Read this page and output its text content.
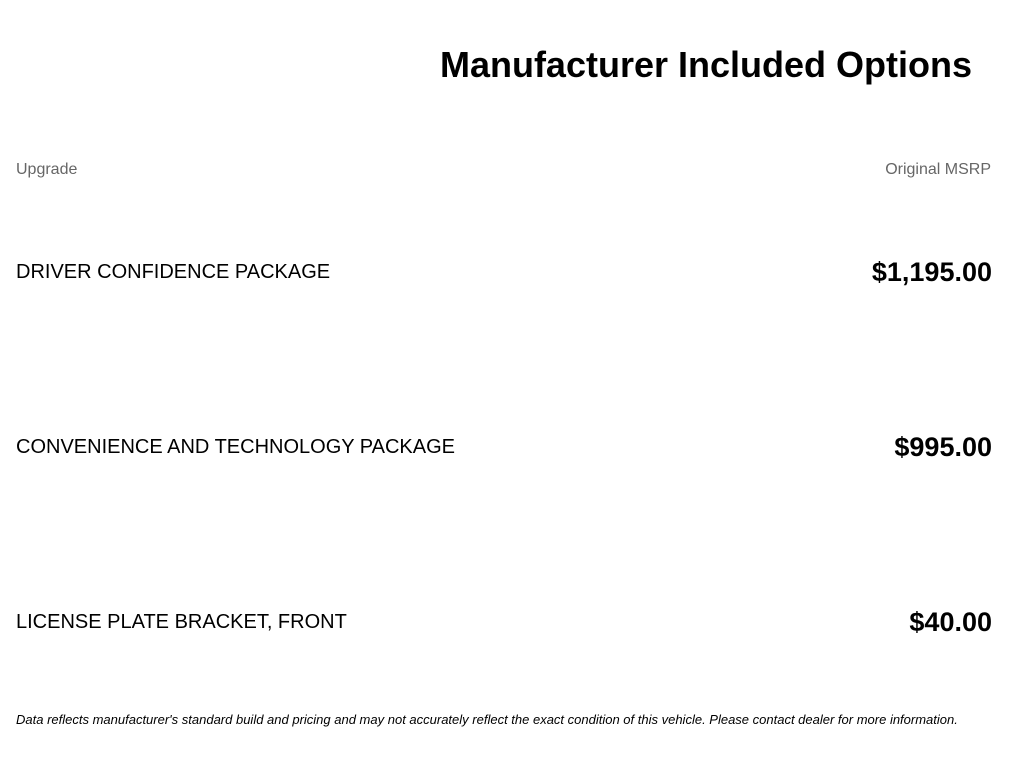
Manufacturer Included Options
Upgrade	Original MSRP
DRIVER CONFIDENCE PACKAGE	$1,195.00
CONVENIENCE AND TECHNOLOGY PACKAGE	$995.00
LICENSE PLATE BRACKET, FRONT	$40.00
Data reflects manufacturer's standard build and pricing and may not accurately reflect the exact condition of this vehicle. Please contact dealer for more information.
